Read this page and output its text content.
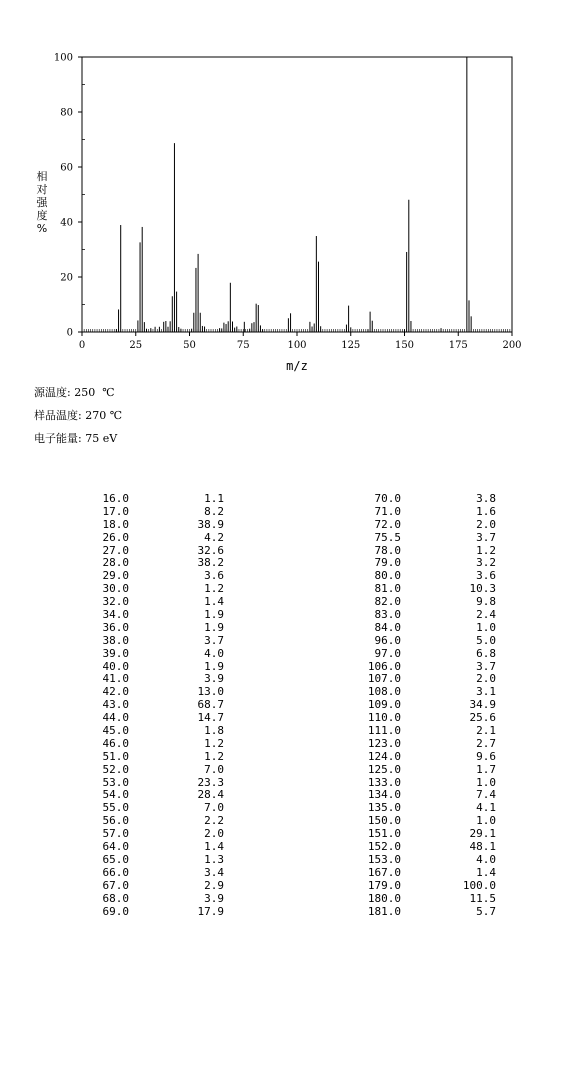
0	25	50	75	100	125	150	175	200
0
20
40
60
80
100
m/z
相对强度%
源温度: 250  ℃
样品温度: 270 ℃
电子能量: 75 eV
16.0	1.1
17.0	8.2
18.0	38.9
26.0	4.2
27.0	32.6
28.0	38.2
29.0	3.6
30.0	1.2
32.0	1.4
34.0	1.9
36.0	1.9
38.0	3.7
39.0	4.0
40.0	1.9
41.0	3.9
42.0	13.0
43.0	68.7
44.0	14.7
45.0	1.8
46.0	1.2
51.0	1.2
52.0	7.0
53.0	23.3
54.0	28.4
55.0	7.0
56.0	2.2
57.0	2.0
64.0	1.4
65.0	1.3
66.0	3.4
67.0	2.9
68.0	3.9
69.0	17.9
70.0	3.8
71.0	1.6
72.0	2.0
75.5	3.7
78.0	1.2
79.0	3.2
80.0	3.6
81.0	10.3
82.0	9.8
83.0	2.4
84.0	1.0
96.0	5.0
97.0	6.8
106.0	3.7
107.0	2.0
108.0	3.1
109.0	34.9
110.0	25.6
111.0	2.1
123.0	2.7
124.0	9.6
125.0	1.7
133.0	1.0
134.0	7.4
135.0	4.1
150.0	1.0
151.0	29.1
152.0	48.1
153.0	4.0
167.0	1.4
179.0	100.0
180.0	11.5
181.0	5.7
